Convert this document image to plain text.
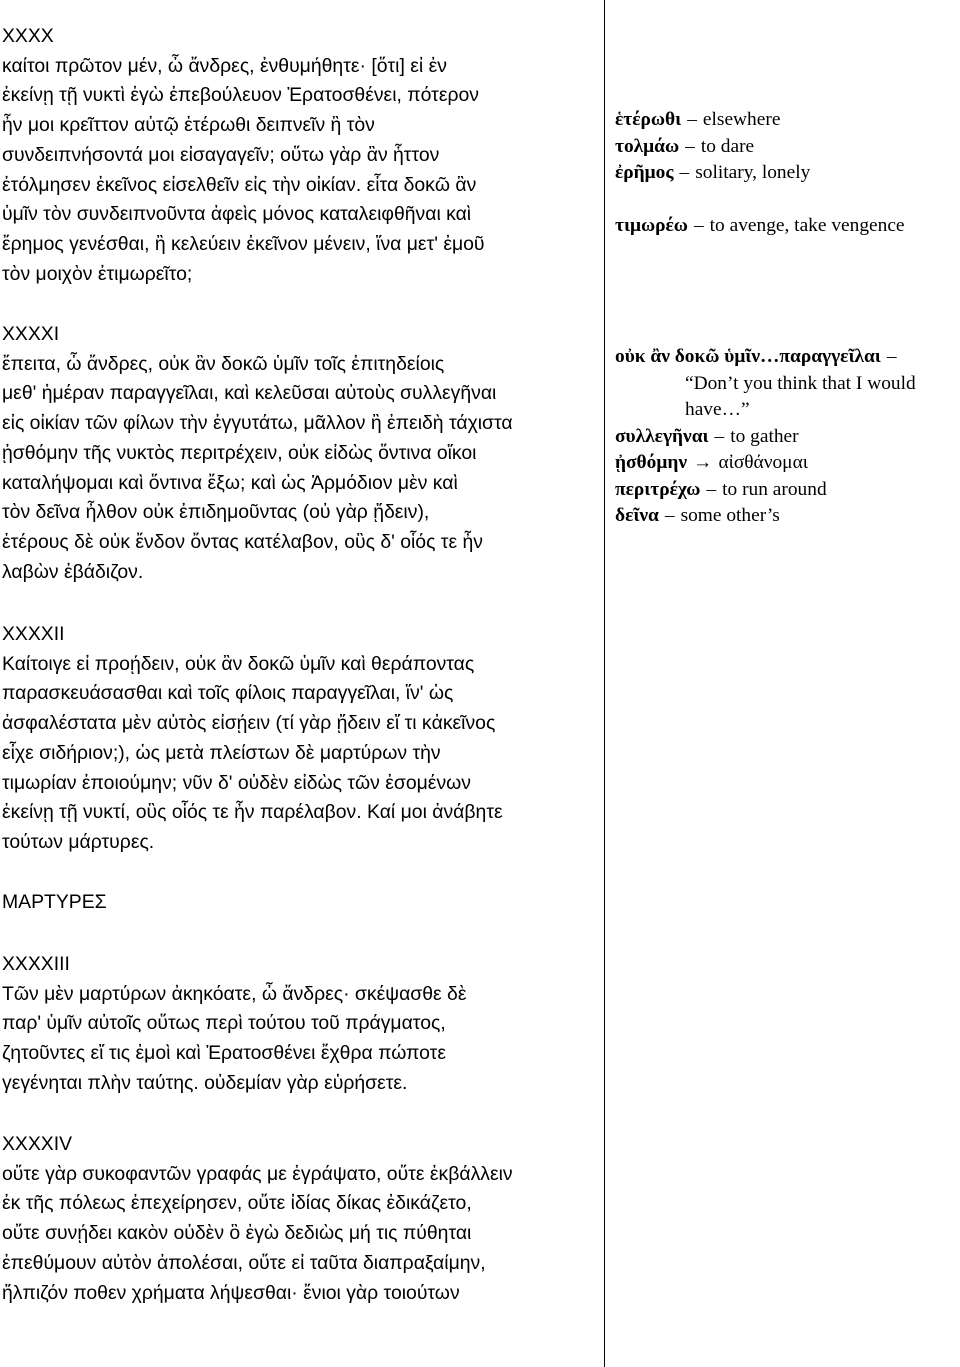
XXXX
καίτοι πρῶτον μέν, ὦ ἄνδρες, ἐνθυμήθητε· [ὅτι] εἰ ἐν
ἐκείνῃ τῇ νυκτὶ ἐγὼ ἐπεβούλευον Ἐρατοσθένει, πότερον
ἦν μοι κρεῖττον αὐτῷ ἑτέρωθι δειπνεῖν ἢ τὸν
συνδειπνήσοντά μοι εἰσαγαγεῖν; οὕτω γὰρ ἂν ἧττον
ἐτόλμησεν ἐκεῖνος εἰσελθεῖν εἰς τὴν οἰκίαν. εἶτα δοκῶ ἂν
ὑμῖν τὸν συνδειπνοῦντα ἀφεὶς μόνος καταλειφθῆναι καὶ
ἔρημος γενέσθαι, ἢ κελεύειν ἐκεῖνον μένειν, ἵνα μετ' ἐμοῦ
τὸν μοιχὸν ἐτιμωρεῖτο;
XXXXI
ἔπειτα, ὦ ἄνδρες, οὐκ ἂν δοκῶ ὑμῖν τοῖς ἐπιτηδείοις
μεθ' ἡμέραν παραγγεῖλαι, καὶ κελεῦσαι αὐτοὺς συλλεγῆναι
εἰς οἰκίαν τῶν φίλων τὴν ἐγγυτάτω, μᾶλλον ἢ ἐπειδὴ τάχιστα
ᾐσθόμην τῆς νυκτὸς περιτρέχειν, οὐκ εἰδὼς ὅντινα οἴκοι
καταλήψομαι καὶ ὅντινα ἔξω; καὶ ὡς Ἁρμόδιον μὲν καὶ
τὸν δεῖνα ἦλθον οὐκ ἐπιδημοῦντας (οὐ γὰρ ᾔδειν),
ἑτέρους δὲ οὐκ ἔνδον ὄντας κατέλαβον, οὓς δ' οἷός τε ἦν
λαβὼν ἐβάδιζον.
XXXXII
Καίτοιγε εἰ προῄδειν, οὐκ ἂν δοκῶ ὑμῖν καὶ θεράποντας
παρασκευάσασθαι καὶ τοῖς φίλοις παραγγεῖλαι, ἵν' ὡς
ἀσφαλέστατα μὲν αὐτὸς εἰσῄειν (τί γὰρ ᾔδειν εἴ τι κἀκεῖνος
εἶχε σιδήριον;), ὡς μετὰ πλείστων δὲ μαρτύρων τὴν
τιμωρίαν ἐποιούμην; νῦν δ' οὐδὲν εἰδὼς τῶν ἐσομένων
ἐκείνῃ τῇ νυκτί, οὓς οἷός τε ἦν παρέλαβον. Καί μοι ἀνάβητε
τούτων μάρτυρες.
ΜΑΡΤΥΡΕΣ
XXXXIII
Τῶν μὲν μαρτύρων ἀκηκόατε, ὦ ἄνδρες· σκέψασθε δὲ
παρ' ὑμῖν αὐτοῖς οὕτως περὶ τούτου τοῦ πράγματος,
ζητοῦντες εἴ τις ἐμοὶ καὶ Ἐρατοσθένει ἔχθρα πώποτε
γεγένηται πλὴν ταύτης. οὐδεμίαν γὰρ εὑρήσετε.
XXXXIV
οὔτε γὰρ συκοφαντῶν γραφάς με ἐγράψατο, οὔτε ἐκβάλλειν
ἐκ τῆς πόλεως ἐπεχείρησεν, οὔτε ἰδίας δίκας ἐδικάζετο,
οὔτε συνῄδει κακὸν οὐδὲν ὃ ἐγὼ δεδιὼς μή τις πύθηται
ἐπεθύμουν αὐτὸν ἀπολέσαι, οὔτε εἰ ταῦτα διαπραξαίμην,
ἤλπιζόν ποθεν χρήματα λήψεσθαι· ἔνιοι γὰρ τοιούτων
ἑτέρωθι – elsewhere
τολμάω – to dare
ἐρῆμος – solitary, lonely
τιμωρέω – to avenge, take vengence
οὐκ ἂν δοκῶ ὑμῖν…παραγγεῖλαι –
“Don’t you think that I would
have…”
συλλεγῆναι – to gather
ᾐσθόμην → αἰσθάνομαι
περιτρέχω – to run around
δεῖνα – some other’s
